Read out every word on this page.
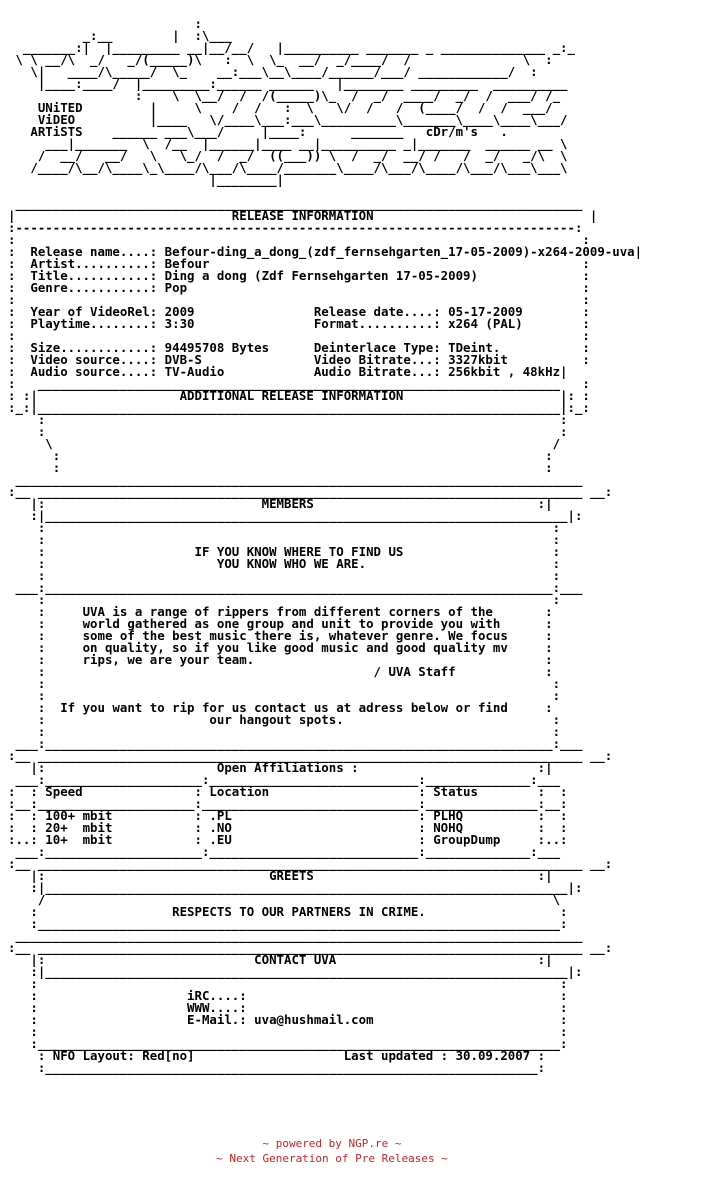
:
_:__        |  :\___
_______:|  |_________ __|__/__/   |__________ _______ _ ______________ _:_
\ \ __/\  _/   _/(_____)\   :  \  \_  __/  _/____/  /               \  :
\|   ____/\_____/  \_    __:___\__\____/______/___/ ____________/  :
|____:____/  |_________:______ ______   |________ _________  __________
:    \  \__/  /  /(_____)\_  /  _/  ____/  _/  /  ___/ /_
UNiTED         |     \    /  /   :  \   \/  /   /  (____/  /  /  ___/
ViDEO          |____   \/____\___:___\__________\_______\____\____\___/
ARTiSTS    ______ ___\___/     |____:      _______   cDr/m's   .
___|_______  \  /__  |______|____ __|__________ _|_______  ______ __ \
/  __/   __/   \   \_/  /  _/  ((___)) \  /  _/  __/ /   /  _/   _/\  \
/____/\__/\____\_\____/\___/\____/_______\____/\___/\____/\___/\___\___\
|________|

____________________________________________________________________________
|                             RELEASE INFORMATION                             |
:---------------------------------------------------------------------------:
:                                                                            :
:  Release name....: Befour-ding_a_dong_(zdf_fernsehgarten_17-05-2009)-x264-2009-uva|
:  Artist..........: Befour                                                  :
:  Title...........: Ding a dong (Zdf Fernsehgarten 17-05-2009)              :
:  Genre...........: Pop                                                     :
:                                                                            :
:  Year of VideoRel: 2009                Release date....: 05-17-2009        :
:  Playtime........: 3:30                Format..........: x264 (PAL)        :
:                                                                            :
:  Size............: 94495708 Bytes      Deinterlace Type: TDeint.           :
:  Video source....: DVB-S               Video Bitrate...: 3327kbit          :
:  Audio source....: TV-Audio            Audio Bitrate...: 256kbit , 48kHz|
:   ______________________________________________________________________   :
: :|                   ADDITIONAL RELEASE INFORMATION                     |: :
:_:|______________________________________________________________________|:_:
:                                                                     :
:                                                                     :
\                                                                   /
:                                                                 :
:                                                                 :
____________________________________________________________________________
:__ _________________________________________________________________________ __:
|:                             MEMBERS                              :|
:|______________________________________________________________________|:
:                                                                    :
:                                                                    :
:                    IF YOU KNOW WHERE TO FIND US                    :
:                       YOU KNOW WHO WE ARE.                         :
:                                                                    :
___:____________________________________________________________________:___
:                                                                    :
:     UVA is a range of rippers from different corners of the       :
:     world gathered as one group and unit to provide you with      :
:     some of the best music there is, whatever genre. We focus     :
:     on quality, so if you like good music and good quality mv     :
:     rips, we are your team.                                       :
:                                            / UVA Staff            :
:                                                                    :
:                                                                    :
:  If you want to rip for us contact us at adress below or find     :
:                      our hangout spots.                            :
:                                                                    :
___:____________________________________________________________________:___
:__ _________________________________________________________________________ __:
|:                       Open Affiliations :                        :|
___:_____________________:____________________________:______________:___
:  : Speed               : Location                    : Status        :  :
:__:_____________________:_____________________________:_______________:__:
:  : 100+ mbit           : .PL                         : PLHQ          :  :
:  : 20+  mbit           : .NO                         : NOHQ          :  :
:..: 10+  mbit           : .EU                         : GroupDump     :..:
___:_____________________:____________________________:______________:___
:__ _________________________________________________________________________ __:
|:                              GREETS                              :|
:|______________________________________________________________________|:
/                                                                    \
:                  RESPECTS TO OUR PARTNERS IN CRIME.                  :
:______________________________________________________________________:
____________________________________________________________________________
:__ _________________________________________________________________________ __:
|:                            CONTACT UVA                           :|
:|______________________________________________________________________|:
:                                                                      :
:                    iRC....:                                          :
:                    WWW....:                                          :
:                    E-Mail.: uva@hushmail.com                         :
:                                                                      :
:______________________________________________________________________:
: NFO Layout: Red[no]                    Last updated : 30.09.2007 :
:__________________________________________________________________:
~ powered by NGP.re ~
~ Next Generation of Pre Releases ~
